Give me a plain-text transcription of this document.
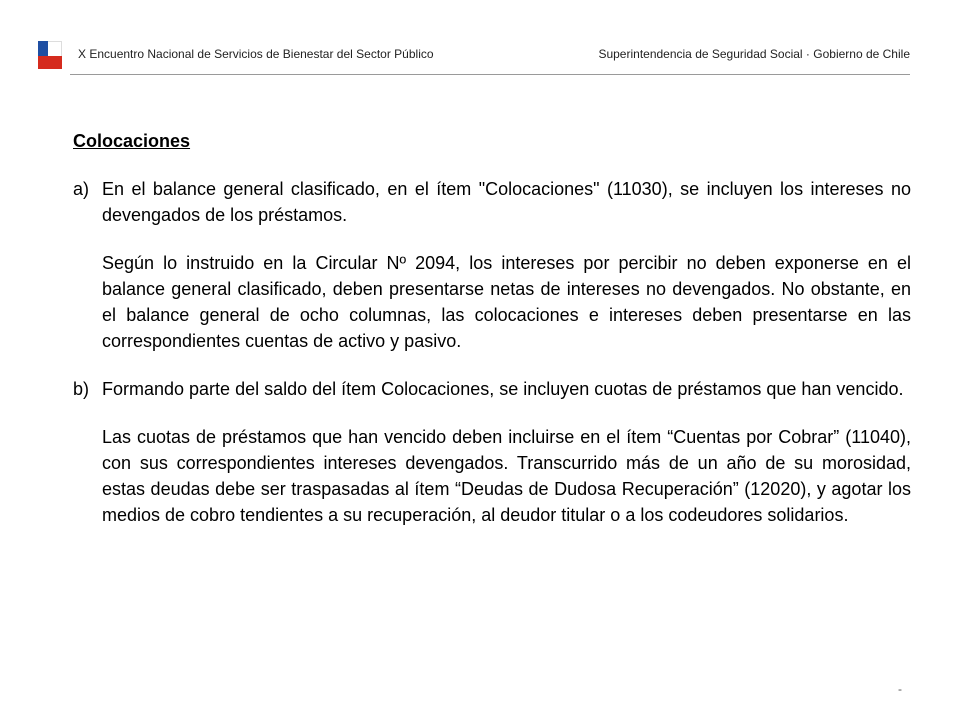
X Encuentro Nacional de Servicios de Bienestar del Sector Público	Superintendencia de Seguridad Social · Gobierno de Chile
Colocaciones
a) En el balance general clasificado, en el ítem "Colocaciones" (11030), se incluyen los intereses no devengados de los préstamos.
Según lo instruido en la Circular Nº 2094, los intereses por percibir no deben exponerse en el balance general clasificado, deben presentarse netas de intereses no devengados. No obstante, en el balance general de ocho columnas, las colocaciones e intereses deben presentarse en las correspondientes cuentas de activo y pasivo.
b) Formando parte del saldo del ítem Colocaciones, se incluyen cuotas de préstamos que han vencido.
Las cuotas de préstamos que han vencido deben incluirse en el ítem “Cuentas por Cobrar” (11040), con sus correspondientes intereses devengados. Transcurrido más de un año de su morosidad, estas deudas debe ser traspasadas al ítem “Deudas de Dudosa Recuperación” (12020), y agotar los medios de cobro tendientes a su recuperación, al deudor titular o a los codeudores solidarios.
-
